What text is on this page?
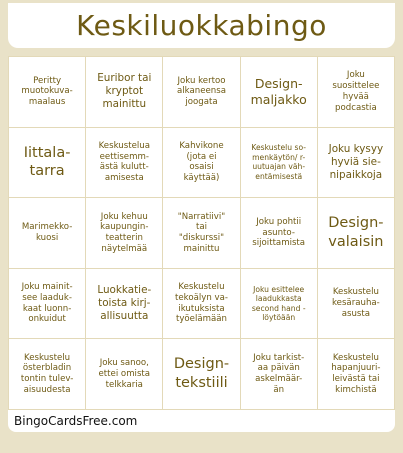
Keskiluokkabingo
Peritty
muotokuva-
maalaus
Euribor tai
kryptot
mainittu
Joku kertoo
alkaneensa
joogata
Design-
maljakko
Joku
suosittelee
hyvää
podcastia
Iittala-
tarra
Keskustelua
eettisemm-
ästä kulutt-
amisesta
Kahvikone
(jota ei
osaisi
käyttää)
Keskustelu so-
menkäytön/ r-
uutuajan väh-
entämisestä
Joku kysyy
hyviä sie-
nipaikkoja
Marimekko-
kuosi
Joku kehuu
kaupungin-
teatterin
näytelmää
"Narratiivi"
tai
"diskurssi"
mainittu
Joku pohtii
asunto-
sijoittamista
Design-
valaisin
Joku mainit-
see laaduk-
kaat luonn-
onkuidut
Luokkatie-
toista kirj-
allisuutta
Keskustelu
tekoälyn va-
ikutuksista
työelämään
Joku esittelee
laadukkasta
second hand -
löytöään
Keskustelu
kesärauha-
asusta
Keskustelu
österbladin
tontin tulev-
aisuudesta
Joku sanoo,
ettei omista
telkkaria
Design-
tekstiili
Joku tarkist-
aa päivän
askelmäär-
än
Keskustelu
hapanjuuri-
leivästä tai
kimchistä
BingoCardsFree.com
